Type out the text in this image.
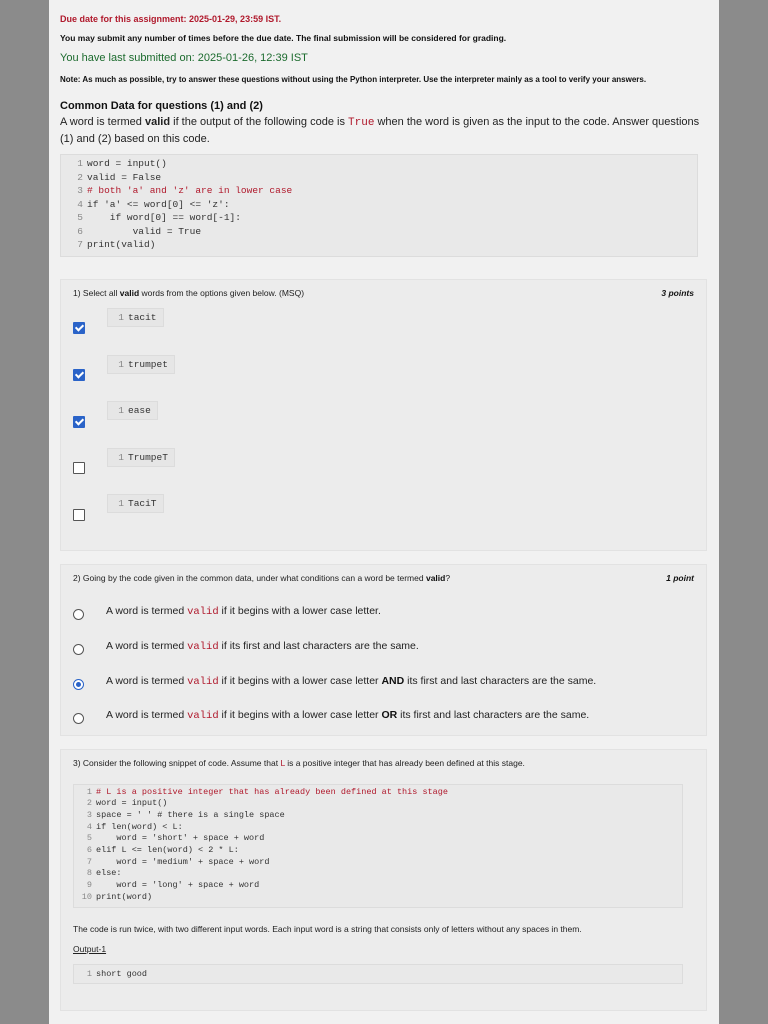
Due date for this assignment: 2025-01-29, 23:59 IST.
You may submit any number of times before the due date. The final submission will be considered for grading.
You have last submitted on: 2025-01-26, 12:39 IST
Note: As much as possible, try to answer these questions without using the Python interpreter. Use the interpreter mainly as a tool to verify your answers.
Common Data for questions (1) and (2)
A word is termed valid if the output of the following code is True when the word is given as the input to the code. Answer questions (1) and (2) based on this code.
1 word = input()
2 valid = False
3 # both 'a' and 'z' are in lower case
4 if 'a' <= word[0] <= 'z':
5    if word[0] == word[-1]:
6        valid = True
7 print(valid)
1) Select all valid words from the options given below. (MSQ)	3 points
1 tacit
1 trumpet
1 ease
1 TrumpeT
1 TaciT
2) Going by the code given in the common data, under what conditions can a word be termed valid?	1 point
A word is termed valid if it begins with a lower case letter.
A word is termed valid if its first and last characters are the same.
A word is termed valid if it begins with a lower case letter AND its first and last characters are the same.
A word is termed valid if it begins with a lower case letter OR its first and last characters are the same.
3) Consider the following snippet of code. Assume that L is a positive integer that has already been defined at this stage.
1 # L is a positive integer that has already been defined at this stage
2 word = input()
3 space = ' ' # there is a single space
4 if len(word) < L:
5    word = 'short' + space + word
6 elif L <= len(word) < 2 * L:
7    word = 'medium' + space + word
8 else:
9    word = 'long' + space + word
10 print(word)
The code is run twice, with two different input words. Each input word is a string that consists only of letters without any spaces in them.
Output-1
1 short good
